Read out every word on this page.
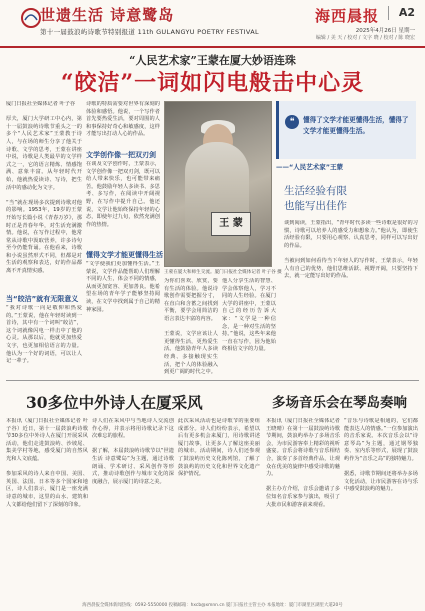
世遗生活 诗意鹭岛
第十一届鼓浪屿诗歌节特别报道 11th GULANGYU POETRY FESTIVAL
海西晨报 A2
2025年4月26日 星期一
编辑 / 美 天 / 校对 / 文字 晓 / 校对 / 陈 晓宏
“人民艺术家”王蒙在厦大妙语连珠
“皎洁”一词如闪电般击中心灵
厦门日报社全媒体记者 叶子谷

厚夫，厦门大学研工中心内，第十一届鼓浪屿诗歌节重头之一的多个“人民艺术家”王蒙教于诗人，与在场的师生分享了他关于诗歌、文学的思考，王蒙在讲座中说，诗歌是人类最早的文学样式之一，它的语言精炼、情感饱满、意象丰富。从年轻时代开始，他就热爱读诗、写诗，把生活中的感动化为文字。

“当”就在现场多次提到诗歌对他的影响。1953年，19岁的王蒙开始写长篇小说《青春万岁》，那时正是青春年华，对生活充满激情。他说，在写作过程中，他常常从诗歌中汲取营养，许多诗句至今仍能背诵。在他看来，诗歌和小说虽然形式不同，但都是对生活的观察和表达，好的作品都离不开真情实感。
当“皎洁”就有无限意义
“我对诗歌一向是敬仰和热爱的。”王蒙说，他在年轻时读到一首诗，其中有一个词叫“皎洁”，这个词就像闪电一样击中了他的心灵。从那以后，他就更加热爱文字，也更加相信语言的力量。他认为一个好的词语，可以让人记一辈子。
诗歌的特质需要对世界有深刻的体验和感悟。他说，一个写作者首先要热爱生活，要对周围的人和事保持好奇心和敏感度，这样才能写出打动人心的作品。
文学创作像一把双刃剑
在谈及文学创作时，王蒙表示，文学创作像一把双刃剑，既可以给人带来快乐，也可能带来痛苦。他鼓励年轻人多读书、多思考、多写作，在阅读中开阔视野，在写作中提升自己。他还说，文学让他始终保持年轻的心态，即使年过九旬，依然充满创作的热情。
懂得文学才能更懂得生活
“文学使我们更加懂得生活。”王蒙说，文学作品能帮助人们理解不同的人生，体会不同的情感，从而更加宽容、更加善良。他希望在场的青年学子能够坚持阅读，在文学中找到属于自己的精神家园。
王 蒙
王蒙在厦大和师生交流。厦门日报社全媒体记者 叶子谷 摄
为你们喜欢、欣赏，要有生活的体验。他说诗歌创作需要把握分寸，在直白和含蓄之间找到平衡，要学会用简洁的语言表达丰富的内容。

王蒙说，文学应该让人更懂得生活，更热爱生活。他鼓励青年人多读经典、多接触现实生活，把个人的体验融入到更广阔的时代之中。
他人分享生活的智慧、学会体察他人，学习不同的人生经验。在厦门大学的讲座中，王蒙以自己的经历告诉大家：“文学是一种信念，是一种对生活的坚持。”他说，这些年来他一直在写作，因为他始终相信文字的力量。
❝	懂得了文学才能更懂得生活，懂得了文学才能更懂得生活。
——“人民艺术家”王蒙
生活经验有限
也能写出佳作
谈到阅读，王蒙指出，“青年时代多读一些诗歌是很好的习惯，诗歌可以培养人的感受力和想象力。”他认为，即使生活经验有限，只要用心观察、认真思考，同样可以写出好的作品。

当被问到如何看待当下年轻人的写作时，王蒙表示，年轻人有自己的优势，他们思维活跃、视野开阔，只要坚持下去，就一定能写出好的作品。
30多位中外诗人在厦采风
本报讯（厦门日报社全媒体记者 叶子谷）近日，第十一届鼓浪屿诗歌节30多位中外诗人在厦门开展采风活动，他们走进鼓浪屿、沙坡尾、集美学村等地，感受厦门的自然风光和人文底蕴。

参加采风的诗人来自中国、美国、英国、法国、日本等多个国家和地区，诗人们表示，厦门是一座充满诗意的城市，这里的山水、建筑和人文都给他们留下了深刻的印象。
诗人们在采风中与当地诗人交流创作心得，并表示将用诗歌记录下这次难忘的旅程。

据了解，本届鼓浪屿诗歌节以“世遗生活 诗意鹭岛”为主题，通过诗歌朗诵、学术研讨、采风创作等形式，推动诗歌创作与城市文化的深度融合，展示厦门的诗意之美。
此次采风活动也是诗歌节的重要组成部分。诗人们纷纷表示，希望以后有更多机会来厦门，用诗歌讲述厦门故事，让更多人了解这座美丽的城市。活动期间，诗人们还参观了鼓浪屿历史文化陈列馆，了解了鼓浪屿的历史文化和世界文化遗产保护情况。
多场音乐会在琴岛奏响
本报讯（厦门日报社全媒体记者 王晓晴）在第十一届鼓浪屿诗歌节期间，鼓浪屿举办了多场音乐会，为市民游客奉上精彩的视听盛宴。音乐会将诗歌与音乐相结合，演奏了多首经典作品，让观众在优美的旋律中感受诗歌的魅力。

据主办方介绍，音乐会邀请了多位知名音乐家参与演出，吸引了大批市民和游客前来观看。
“音乐与诗歌是相通的，它们都能表达人的情感。”一位参加演出的音乐家说。本次音乐会以“诗意琴岛”为主题，通过钢琴独奏、室内乐等形式，展现了鼓浪屿作为“音乐之岛”的独特魅力。

据悉，诗歌节期间还将举办多场文化活动，让市民游客在诗与乐中感受鼓浪屿的魅力。
海西晨报全媒体新闻热线：0592-5550000 投稿邮箱：hxcb@xmnn.cn 厦门日报社主管主办 本报地址：厦门市湖里区湖里大道20号
